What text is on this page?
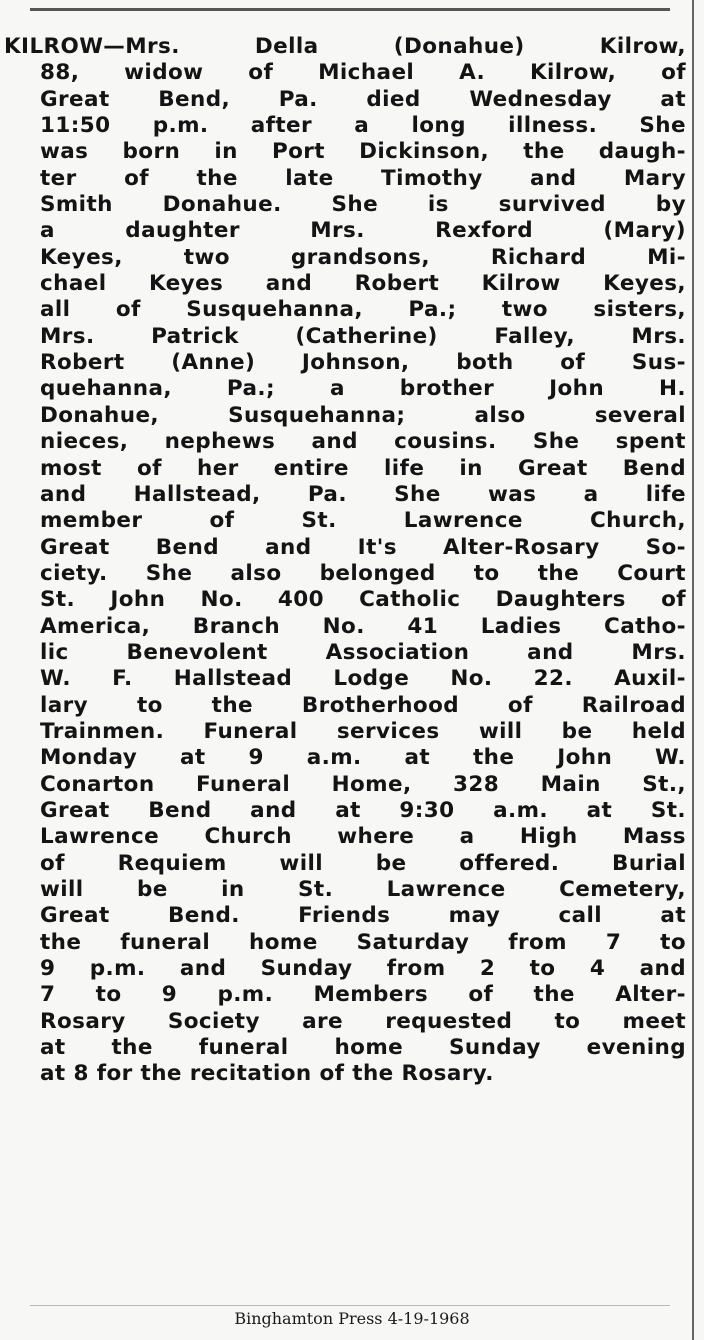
KILROW—Mrs. Della (Donahue) Kilrow,
88, widow of Michael A. Kilrow, of
Great Bend, Pa. died Wednesday at
11:50 p.m. after a long illness. She
was born in Port Dickinson, the daugh-
ter of the late Timothy and Mary
Smith Donahue. She is survived by
a daughter Mrs. Rexford (Mary)
Keyes, two grandsons, Richard Mi-
chael Keyes and Robert Kilrow Keyes,
all of Susquehanna, Pa.; two sisters,
Mrs. Patrick (Catherine) Falley, Mrs.
Robert (Anne) Johnson, both of Sus-
quehanna, Pa.; a brother John H.
Donahue, Susquehanna; also several
nieces, nephews and cousins. She spent
most of her entire life in Great Bend
and Hallstead, Pa. She was a life
member of St. Lawrence Church,
Great Bend and It's Alter-Rosary So-
ciety. She also belonged to the Court
St. John No. 400 Catholic Daughters of
America, Branch No. 41 Ladies Catho-
lic Benevolent Association and Mrs.
W. F. Hallstead Lodge No. 22. Auxil-
lary to the Brotherhood of Railroad
Trainmen. Funeral services will be held
Monday at 9 a.m. at the John W.
Conarton Funeral Home, 328 Main St.,
Great Bend and at 9:30 a.m. at St.
Lawrence Church where a High Mass
of Requiem will be offered. Burial
will be in St. Lawrence Cemetery,
Great Bend. Friends may call at
the funeral home Saturday from 7 to
9 p.m. and Sunday from 2 to 4 and
7 to 9 p.m. Members of the Alter-
Rosary Society are requested to meet
at the funeral home Sunday evening
at 8 for the recitation of the Rosary.
Binghamton Press 4-19-1968
